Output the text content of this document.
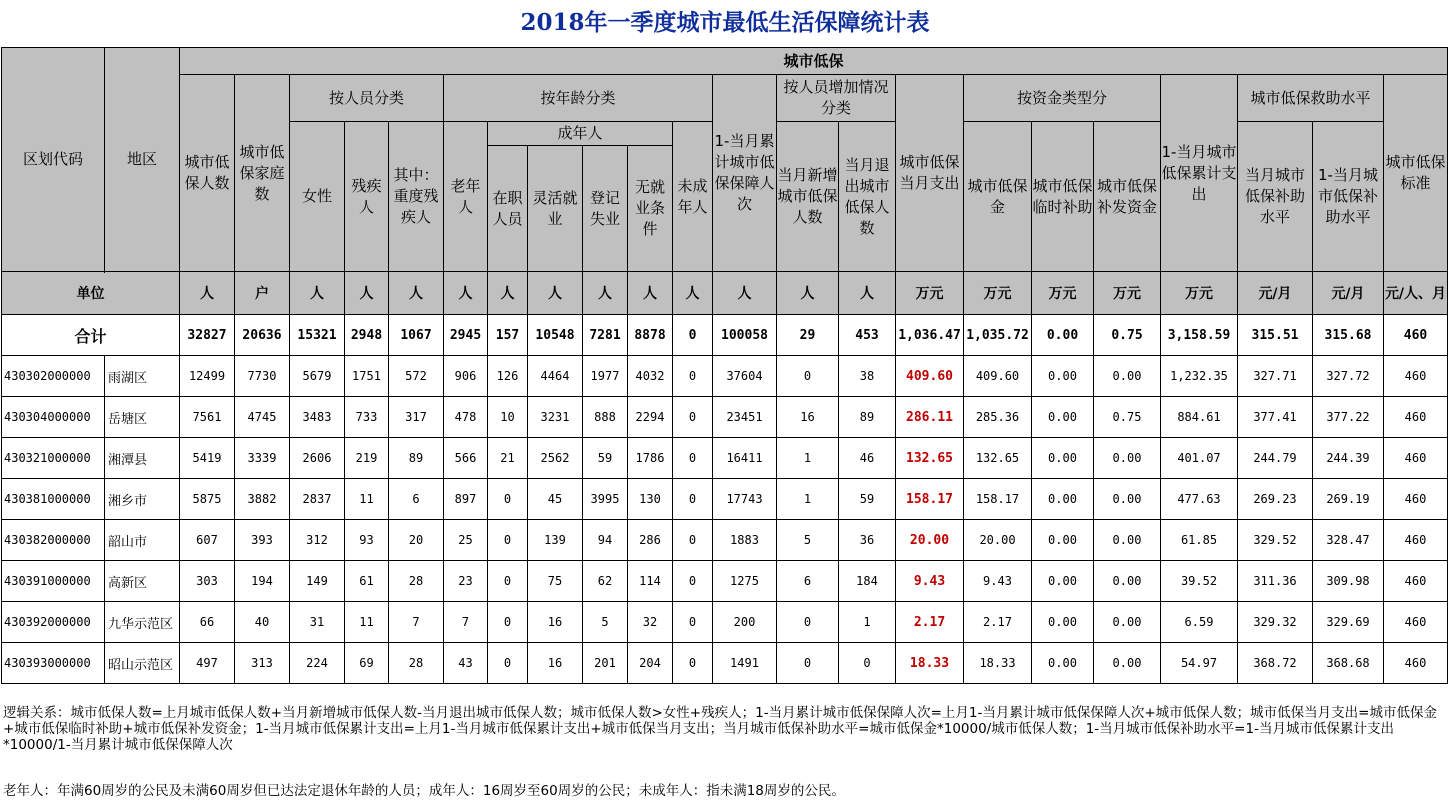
2018年一季度城市最低生活保障统计表
区划代码	地区	城市低保																					
		城市低保人数	城市低保家庭数	按人员分类			按年龄分类						1-当月累计城市低保保障人次	按人员增加情况分类		城市低保当月支出	按资金类型分			1-当月城市低保累计支出	城市低保救助水平		城市低保标准
				女性	残疾人	其中：重度残疾人	老年人	成年人				未成年人		当月新增城市低保人数	当月退出城市低保人数		城市低保金	城市低保临时补助	城市低保补发资金		当月城市低保补助水平	1-当月城市低保补助水平	
								在职人员	灵活就业	登记失业	无就业条件												

单位		人	户	人	人	人	人	人	人	人	人	人	人	人	人	万元	万元	万元	万元	万元	元/月	元/月	元/人、月
合计		32827	20636	15321	2948	1067	2945	157	10548	7281	8878	0	100058	29	453	1,036.47	1,035.72	0.00	0.75	3,158.59	315.51	315.68	460
430302000000	雨湖区	12499	7730	5679	1751	572	906	126	4464	1977	4032	0	37604	0	38	409.60	409.60	0.00	0.00	1,232.35	327.71	327.72	460
430304000000	岳塘区	7561	4745	3483	733	317	478	10	3231	888	2294	0	23451	16	89	286.11	285.36	0.00	0.75	884.61	377.41	377.22	460
430321000000	湘潭县	5419	3339	2606	219	89	566	21	2562	59	1786	0	16411	1	46	132.65	132.65	0.00	0.00	401.07	244.79	244.39	460
430381000000	湘乡市	5875	3882	2837	11	6	897	0	45	3995	130	0	17743	1	59	158.17	158.17	0.00	0.00	477.63	269.23	269.19	460
430382000000	韶山市	607	393	312	93	20	25	0	139	94	286	0	1883	5	36	20.00	20.00	0.00	0.00	61.85	329.52	328.47	460
430391000000	高新区	303	194	149	61	28	23	0	75	62	114	0	1275	6	184	9.43	9.43	0.00	0.00	39.52	311.36	309.98	460
430392000000	九华示范区	66	40	31	11	7	7	0	16	5	32	0	200	0	1	2.17	2.17	0.00	0.00	6.59	329.32	329.69	460
430393000000	昭山示范区	497	313	224	69	28	43	0	16	201	204	0	1491	0	0	18.33	18.33	0.00	0.00	54.97	368.72	368.68	460

逻辑关系：城市低保人数=上月城市低保人数+当月新增城市低保人数-当月退出城市低保人数；城市低保人数>女性+残疾人；1-当月累计城市低保保障人次=上月1-当月累计城市低保保障人次+城市低保人数；城市低保当月支出=城市低保金+城市低保临时补助+城市低保补发资金；1-当月城市低保累计支出=上月1-当月城市低保累计支出+城市低保当月支出；当月城市低保补助水平=城市低保金*10000/城市低保人数；1-当月城市低保补助水平=1-当月城市低保累计支出*10000/1-当月累计城市低保保障人次

老年人：年满60周岁的公民及未满60周岁但已达法定退休年龄的人员；成年人：16周岁至60周岁的公民；未成年人：指未满18周岁的公民。
